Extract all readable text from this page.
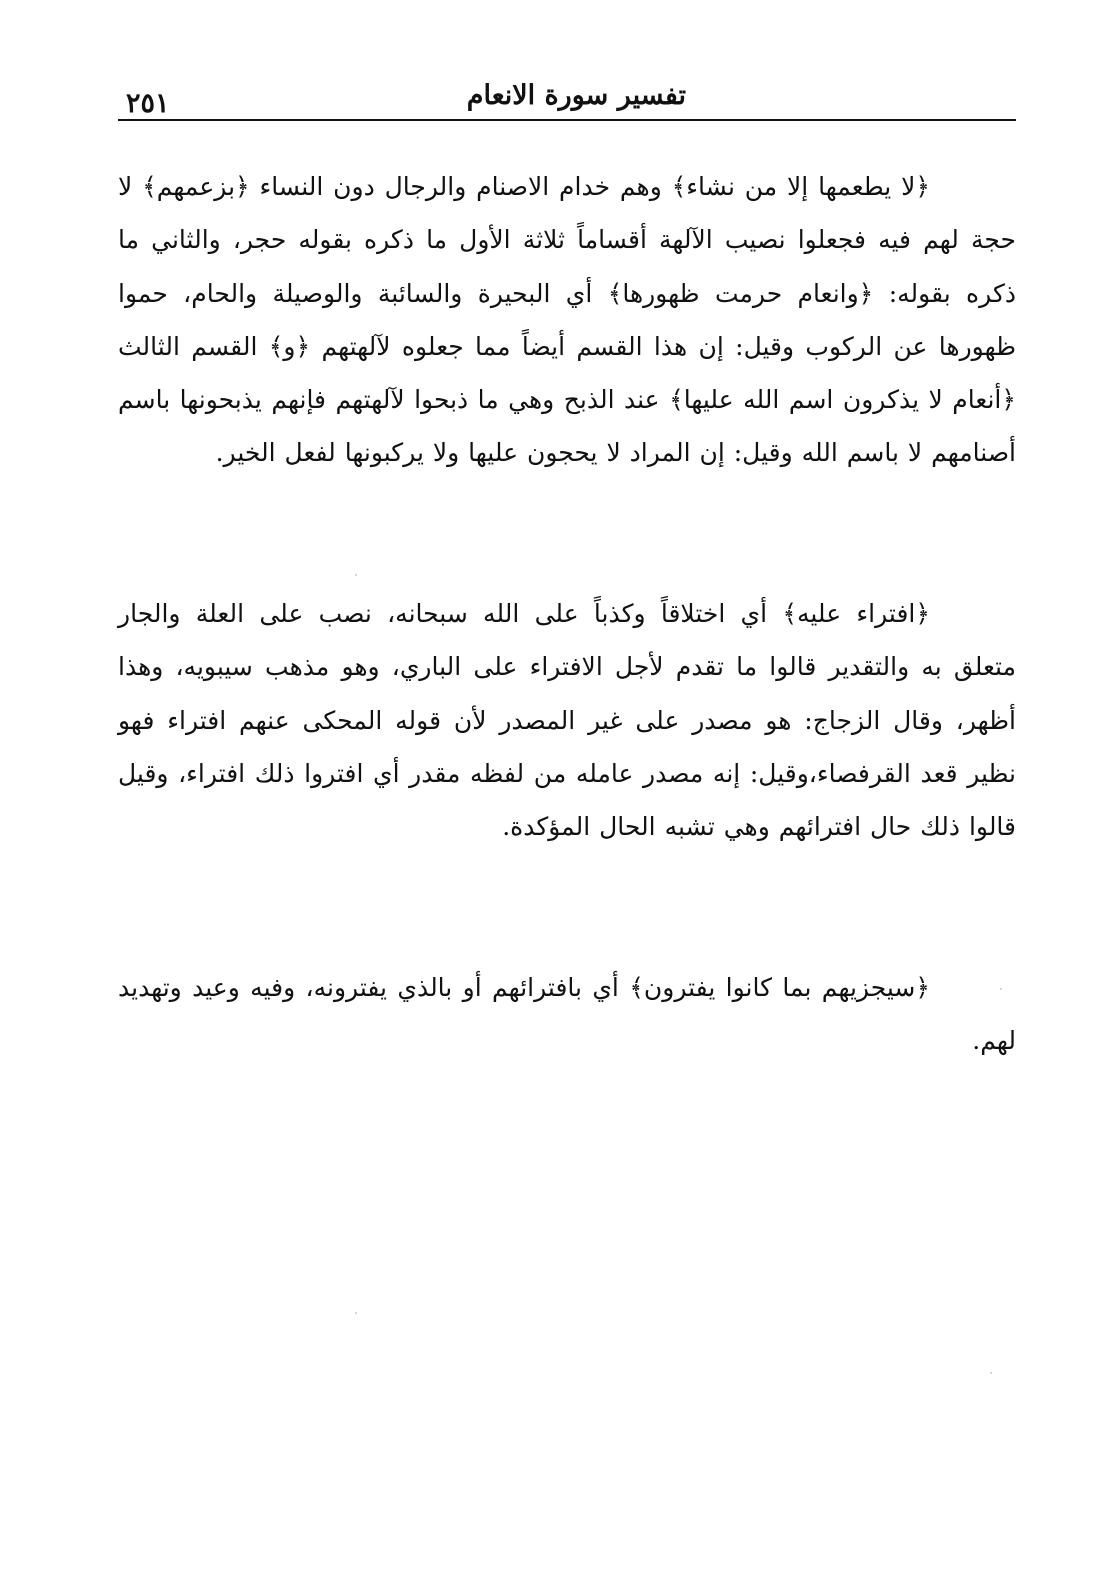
تفسير سورة الانعام
٢٥١
﴿لا يطعمها إلا من نشاء﴾ وهم خدام الاصنام والرجال دون النساء ﴿بزعمهم﴾ لا حجة لهم فيه فجعلوا نصيب الآلهة أقساماً ثلاثة الأول ما ذكره بقوله حجر، والثاني ما ذكره بقوله: ﴿وانعام حرمت ظهورها﴾ أي البحيرة والسائبة والوصيلة والحام، حموا ظهورها عن الركوب وقيل: إن هذا القسم أيضاً مما جعلوه لآلهتهم ﴿و﴾ القسم الثالث ﴿أنعام لا يذكرون اسم الله عليها﴾ عند الذبح وهي ما ذبحوا لآلهتهم فإنهم يذبحونها باسم أصنامهم لا باسم الله وقيل: إن المراد لا يحجون عليها ولا يركبونها لفعل الخير.
﴿افتراء عليه﴾ أي اختلاقاً وكذباً على الله سبحانه، نصب على العلة والجار متعلق به والتقدير قالوا ما تقدم لأجل الافتراء على الباري، وهو مذهب سيبويه، وهذا أظهر، وقال الزجاج: هو مصدر على غير المصدر لأن قوله المحكى عنهم افتراء فهو نظير قعد القرفصاء،وقيل: إنه مصدر عامله من لفظه مقدر أي افتروا ذلك افتراء، وقيل قالوا ذلك حال افترائهم وهي تشبه الحال المؤكدة.
﴿سيجزيهم بما كانوا يفترون﴾ أي بافترائهم أو بالذي يفترونه، وفيه وعيد وتهديد لهم.
